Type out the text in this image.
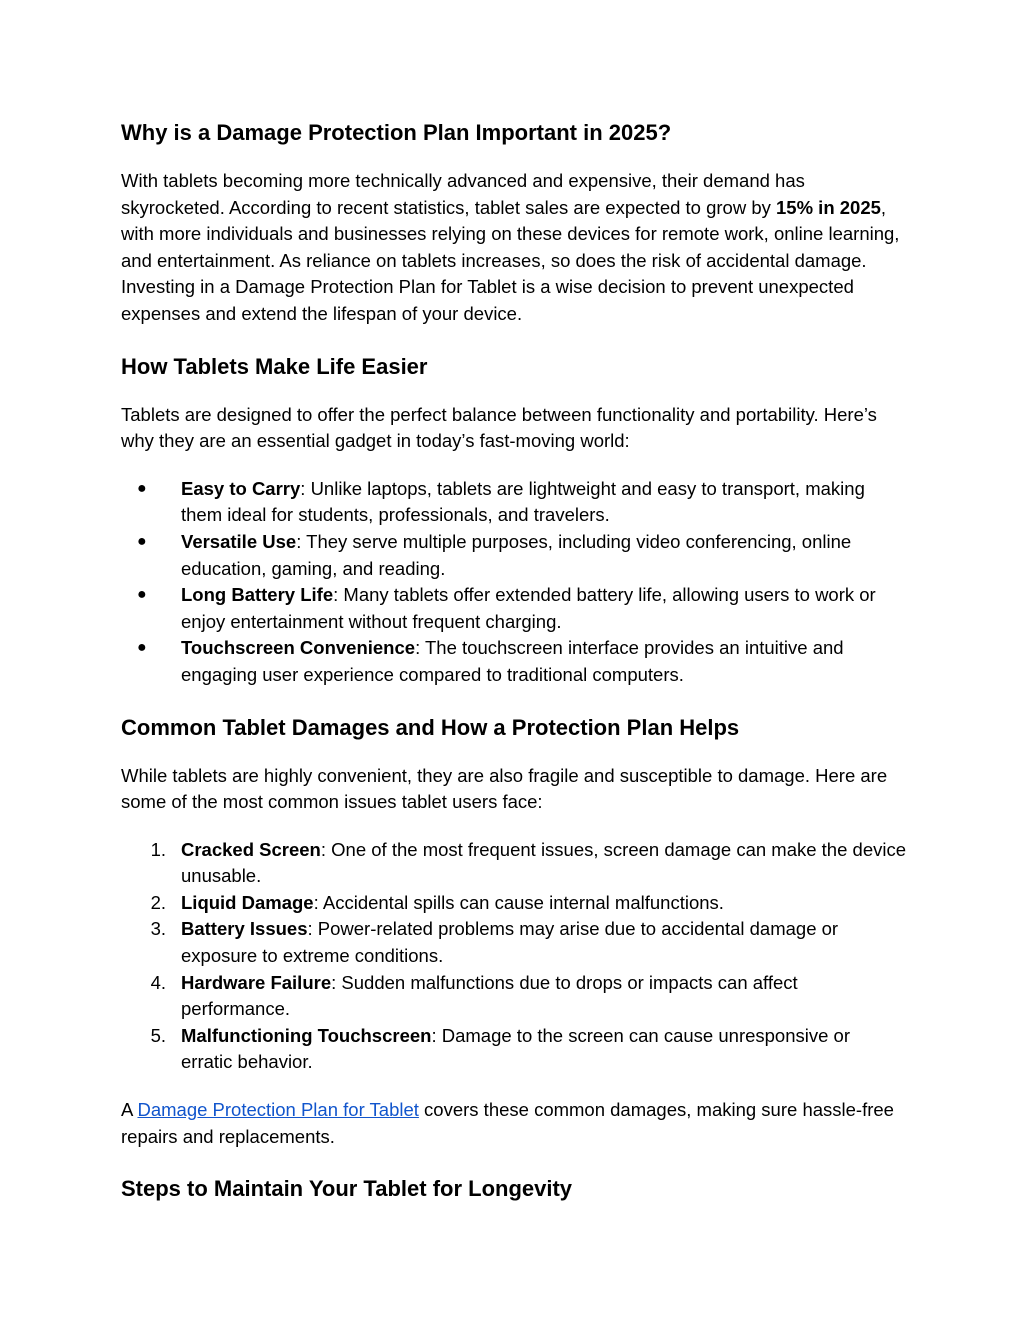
Why is a Damage Protection Plan Important in 2025?

With tablets becoming more technically advanced and expensive, their demand has skyrocketed. According to recent statistics, tablet sales are expected to grow by 15% in 2025, with more individuals and businesses relying on these devices for remote work, online learning, and entertainment. As reliance on tablets increases, so does the risk of accidental damage. Investing in a Damage Protection Plan for Tablet is a wise decision to prevent unexpected expenses and extend the lifespan of your device.

How Tablets Make Life Easier

Tablets are designed to offer the perfect balance between functionality and portability. Here’s why they are an essential gadget in today’s fast-moving world:

● Easy to Carry: Unlike laptops, tablets are lightweight and easy to transport, making them ideal for students, professionals, and travelers.
● Versatile Use: They serve multiple purposes, including video conferencing, online education, gaming, and reading.
● Long Battery Life: Many tablets offer extended battery life, allowing users to work or enjoy entertainment without frequent charging.
● Touchscreen Convenience: The touchscreen interface provides an intuitive and engaging user experience compared to traditional computers.
Common Tablet Damages and How a Protection Plan Helps

While tablets are highly convenient, they are also fragile and susceptible to damage. Here are some of the most common issues tablet users face:

1. Cracked Screen: One of the most frequent issues, screen damage can make the device unusable.
2. Liquid Damage: Accidental spills can cause internal malfunctions.
3. Battery Issues: Power-related problems may arise due to accidental damage or exposure to extreme conditions.
4. Hardware Failure: Sudden malfunctions due to drops or impacts can affect performance.
5. Malfunctioning Touchscreen: Damage to the screen can cause unresponsive or erratic behavior.

A Damage Protection Plan for Tablet covers these common damages, making sure hassle-free repairs and replacements.

Steps to Maintain Your Tablet for Longevity
